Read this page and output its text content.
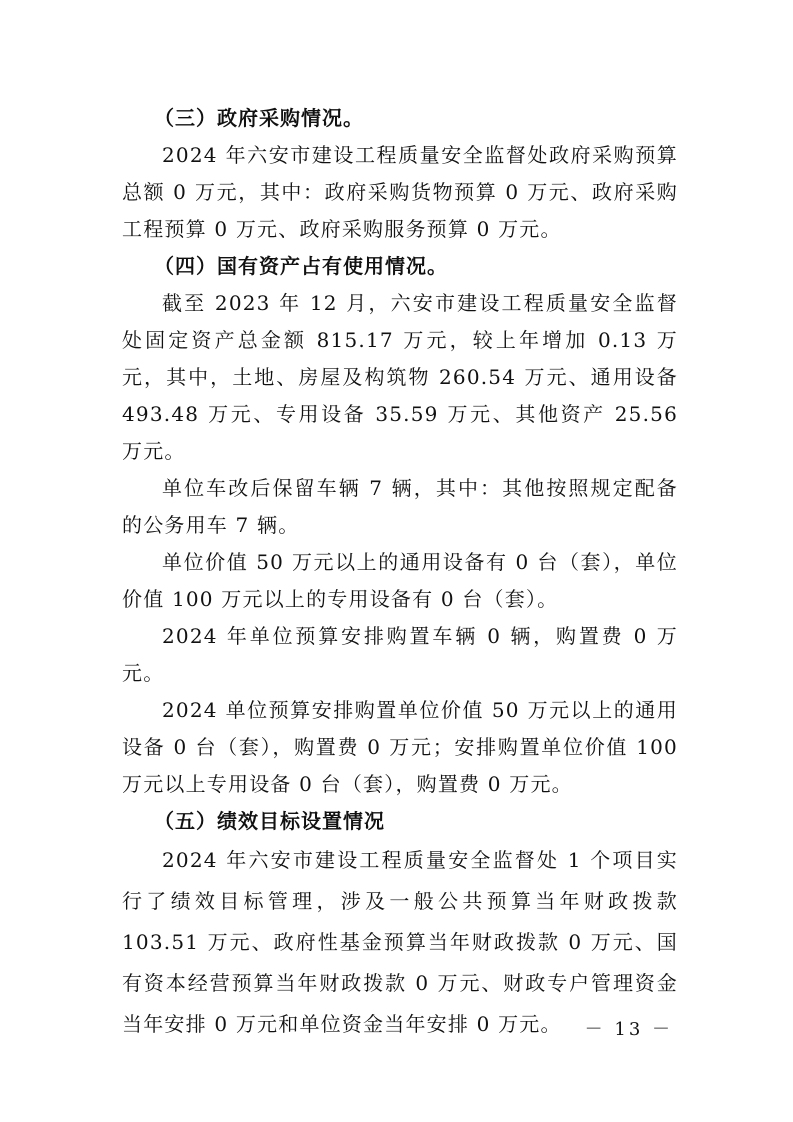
（三）政府采购情况。

2024 年六安市建设工程质量安全监督处政府采购预算总额 0 万元，其中：政府采购货物预算 0 万元、政府采购工程预算 0 万元、政府采购服务预算 0 万元。

（四）国有资产占有使用情况。

截至 2023 年 12 月，六安市建设工程质量安全监督处固定资产总金额 815.17 万元，较上年增加 0.13 万元，其中，土地、房屋及构筑物 260.54 万元、通用设备 493.48 万元、专用设备 35.59 万元、其他资产 25.56 万元。

单位车改后保留车辆 7 辆，其中：其他按照规定配备的公务用车 7 辆。

单位价值 50 万元以上的通用设备有 0 台（套），单位价值 100 万元以上的专用设备有 0 台（套）。

2024 年单位预算安排购置车辆 0 辆，购置费 0 万元。

2024 单位预算安排购置单位价值 50 万元以上的通用设备 0 台（套），购置费 0 万元；安排购置单位价值 100 万元以上专用设备 0 台（套），购置费 0 万元。

（五）绩效目标设置情况

2024 年六安市建设工程质量安全监督处 1 个项目实行了绩效目标管理，涉及一般公共预算当年财政拨款 103.51 万元、政府性基金预算当年财政拨款 0 万元、国有资本经营预算当年财政拨款 0 万元、财政专户管理资金当年安排 0 万元和单位资金当年安排 0 万元。	－ 13 －
